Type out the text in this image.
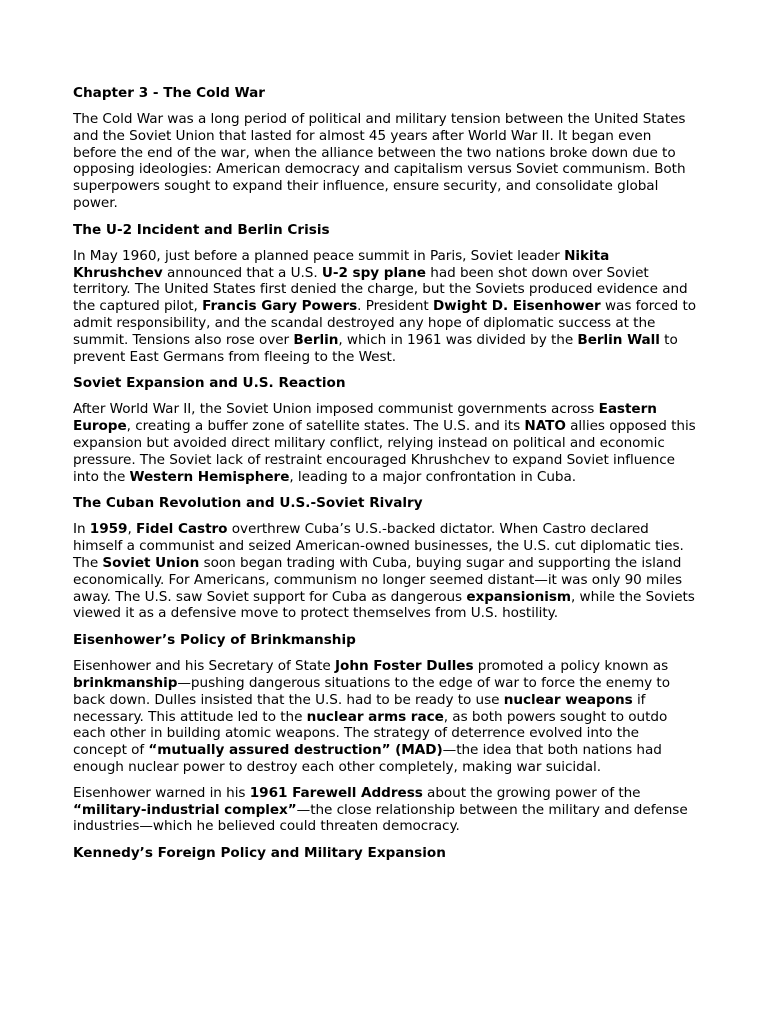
Chapter 3 - The Cold War

The Cold War was a long period of political and military tension between the United States and the Soviet Union that lasted for almost 45 years after World War II. It began even before the end of the war, when the alliance between the two nations broke down due to opposing ideologies: American democracy and capitalism versus Soviet communism. Both superpowers sought to expand their influence, ensure security, and consolidate global power.

The U-2 Incident and Berlin Crisis

In May 1960, just before a planned peace summit in Paris, Soviet leader Nikita Khrushchev announced that a U.S. U-2 spy plane had been shot down over Soviet territory. The United States first denied the charge, but the Soviets produced evidence and the captured pilot, Francis Gary Powers. President Dwight D. Eisenhower was forced to admit responsibility, and the scandal destroyed any hope of diplomatic success at the summit. Tensions also rose over Berlin, which in 1961 was divided by the Berlin Wall to prevent East Germans from fleeing to the West.

Soviet Expansion and U.S. Reaction

After World War II, the Soviet Union imposed communist governments across Eastern Europe, creating a buffer zone of satellite states. The U.S. and its NATO allies opposed this expansion but avoided direct military conflict, relying instead on political and economic pressure. The Soviet lack of restraint encouraged Khrushchev to expand Soviet influence into the Western Hemisphere, leading to a major confrontation in Cuba.

The Cuban Revolution and U.S.-Soviet Rivalry

In 1959, Fidel Castro overthrew Cuba’s U.S.-backed dictator. When Castro declared himself a communist and seized American-owned businesses, the U.S. cut diplomatic ties. The Soviet Union soon began trading with Cuba, buying sugar and supporting the island economically. For Americans, communism no longer seemed distant—it was only 90 miles away. The U.S. saw Soviet support for Cuba as dangerous expansionism, while the Soviets viewed it as a defensive move to protect themselves from U.S. hostility.

Eisenhower’s Policy of Brinkmanship

Eisenhower and his Secretary of State John Foster Dulles promoted a policy known as brinkmanship—pushing dangerous situations to the edge of war to force the enemy to back down. Dulles insisted that the U.S. had to be ready to use nuclear weapons if necessary. This attitude led to the nuclear arms race, as both powers sought to outdo each other in building atomic weapons. The strategy of deterrence evolved into the concept of “mutually assured destruction” (MAD)—the idea that both nations had enough nuclear power to destroy each other completely, making war suicidal.

Eisenhower warned in his 1961 Farewell Address about the growing power of the “military-industrial complex”—the close relationship between the military and defense industries—which he believed could threaten democracy.

Kennedy’s Foreign Policy and Military Expansion
